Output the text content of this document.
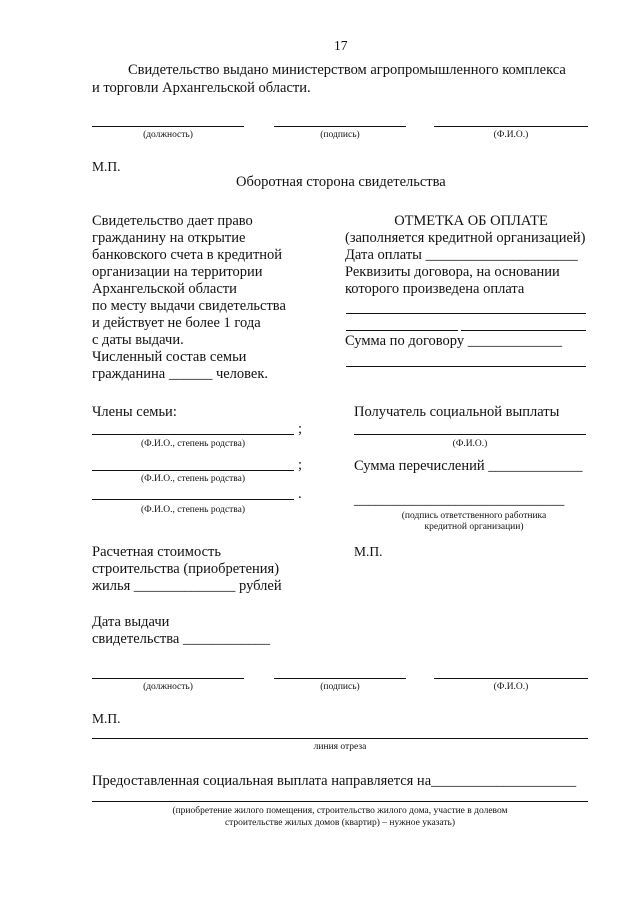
17
Свидетельство выдано министерством агропромышленного комплекса
и торговли Архангельской области.
(должность)	(подпись)	(Ф.И.О.)
М.П.
Оборотная сторона свидетельства
Свидетельство дает право
гражданину на открытие
банковского счета в кредитной
организации на территории
Архангельской области
по месту выдачи свидетельства
и действует не более 1 года
с даты выдачи.
Численный состав семьи
гражданина ______ человек.
ОТМЕТКА ОБ ОПЛАТЕ
(заполняется кредитной организацией)
Дата оплаты _____________________
Реквизиты договора, на основании
которого произведена оплата
Сумма по договору _____________
Члены семьи:
;
(Ф.И.О., степень родства)
;
(Ф.И.О., степень родства)
.
(Ф.И.О., степень родства)
Получатель социальной выплаты
(Ф.И.О.)
Сумма перечислений _____________
_____________________________
(подпись ответственного работника
кредитной организации)
Расчетная стоимость
строительства (приобретения)
жилья ______________ рублей
М.П.
Дата выдачи
свидетельства ____________
(должность)	(подпись)	(Ф.И.О.)
М.П.
линия отреза
Предоставленная социальная выплата направляется на____________________
(приобретение жилого помещения, строительство жилого дома, участие в долевом
строительстве жилых домов (квартир) – нужное указать)
